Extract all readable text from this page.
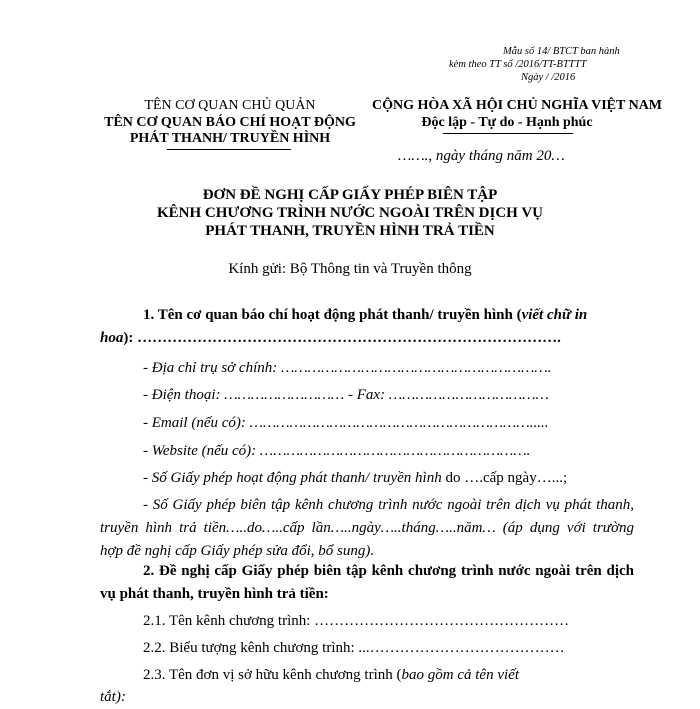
Mẫu số 14/ BTCT ban hành
kèm theo TT số /2016/TT-BTTTT
Ngày / /2016
TÊN CƠ QUAN CHỦ QUẢN
TÊN CƠ QUAN BÁO CHÍ HOẠT ĐỘNG
PHÁT THANH/ TRUYỀN HÌNH
CỘNG HÒA XÃ HỘI CHỦ NGHĨA VIỆT NAM
Độc lập - Tự do - Hạnh phúc
……., ngày tháng năm 20…
ĐƠN ĐỀ NGHỊ CẤP GIẤY PHÉP BIÊN TẬP
KÊNH CHƯƠNG TRÌNH NƯỚC NGOÀI TRÊN DỊCH VỤ
PHÁT THANH, TRUYỀN HÌNH TRẢ TIỀN
Kính gửi: Bộ Thông tin và Truyền thông
1. Tên cơ quan báo chí hoạt động phát thanh/ truyền hình (viết chữ in
hoa): ………………………………………………………………………….
- Địa chỉ trụ sở chính: …………………………………………………….
- Điện thoại: ……………………… - Fax: ………………………………
- Email (nếu có): ……………………………………………………….....
- Website (nếu có): …………………………………………………….
- Số Giấy phép hoạt động phát thanh/ truyền hình do ….cấp ngày…...;
- Số Giấy phép biên tập kênh chương trình nước ngoài trên dịch vụ phát thanh, truyền hình trả tiền…..do…..cấp lần…..ngày…..tháng…..năm… (áp dụng với trường hợp đề nghị cấp Giấy phép sửa đổi, bổ sung).
2. Đề nghị cấp Giấy phép biên tập kênh chương trình nước ngoài trên dịch vụ phát thanh, truyền hình trả tiền:
2.1. Tên kênh chương trình: ……………………………………………
2.2. Biểu tượng kênh chương trình: ...…………………………………
2.3. Tên đơn vị sở hữu kênh chương trình (bao gồm cả tên viết
tắt):
